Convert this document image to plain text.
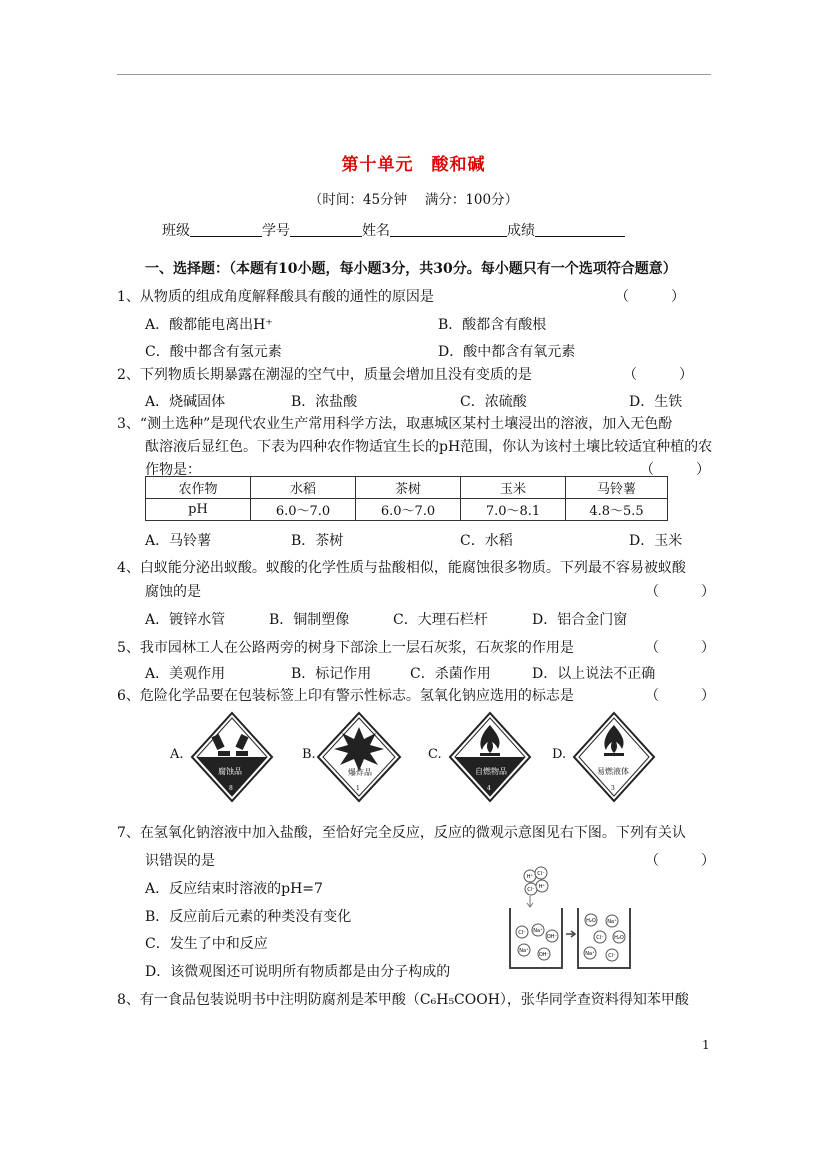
第十单元　酸和碱
（时间：45分钟　 满分：100分）
班级	学号	姓名	成绩
一、选择题：（本题有10小题，每小题3分，共30分。每小题只有一个选项符合题意）
1、从物质的组成角度解释酸具有酸的通性的原因是	（　　　）
A．酸都能电离出H⁺	B．酸都含有酸根
C．酸中都含有氢元素	D．酸中都含有氧元素
2、下列物质长期暴露在潮湿的空气中，质量会增加且没有变质的是	（　　　）
A．烧碱固体	B．浓盐酸	C．浓硫酸	D．生铁
3、“测土选种”是现代农业生产常用科学方法，取惠城区某村土壤浸出的溶液，加入无色酚
酞溶液后显红色。下表为四种农作物适宜生长的pH范围，你认为该村土壤比较适宜种植的农
作物是：	（　　　）
农作物	水稻	茶树	玉米	马铃薯
pH	6.0～7.0	6.0～7.0	7.0～8.1	4.8～5.5
A．马铃薯	B．茶树	C．水稻	D．玉米
4、白蚁能分泌出蚁酸。蚁酸的化学性质与盐酸相似，能腐蚀很多物质。下列最不容易被蚁酸
腐蚀的是	（　　　）
A．镀锌水管	B．铜制塑像	C．大理石栏杆	D．铝合金门窗
5、我市园林工人在公路两旁的树身下部涂上一层石灰浆，石灰浆的作用是	（　　　）
A．美观作用	B．标记作用	C．杀菌作用	D．以上说法不正确
6、危险化学品要在包装标签上印有警示性标志。氢氧化钠应选用的标志是	（　　　）
A.
腐蚀品
8
B.
爆炸品
1
C.
自燃物品
4
D.
易燃液体
3
7、在氢氧化钠溶液中加入盐酸，至恰好完全反应，反应的微观示意图见右下图。下列有关认
识错误的是	（　　　）
A．反应结束时溶液的pH=7
B．反应前后元素的种类没有变化
C．发生了中和反应
D．该微观图还可说明所有物质都是由分子构成的
H⁺ Cl⁻
Cl⁻ H⁺
Cl⁻ Na⁺
OH⁻
Na⁺
OH⁻
H₂O Na⁺
Cl⁻ H₂O
Na⁺	Cl⁻
8、有一食品包装说明书中注明防腐剂是苯甲酸（C₆H₅COOH），张华同学查资料得知苯甲酸
1
